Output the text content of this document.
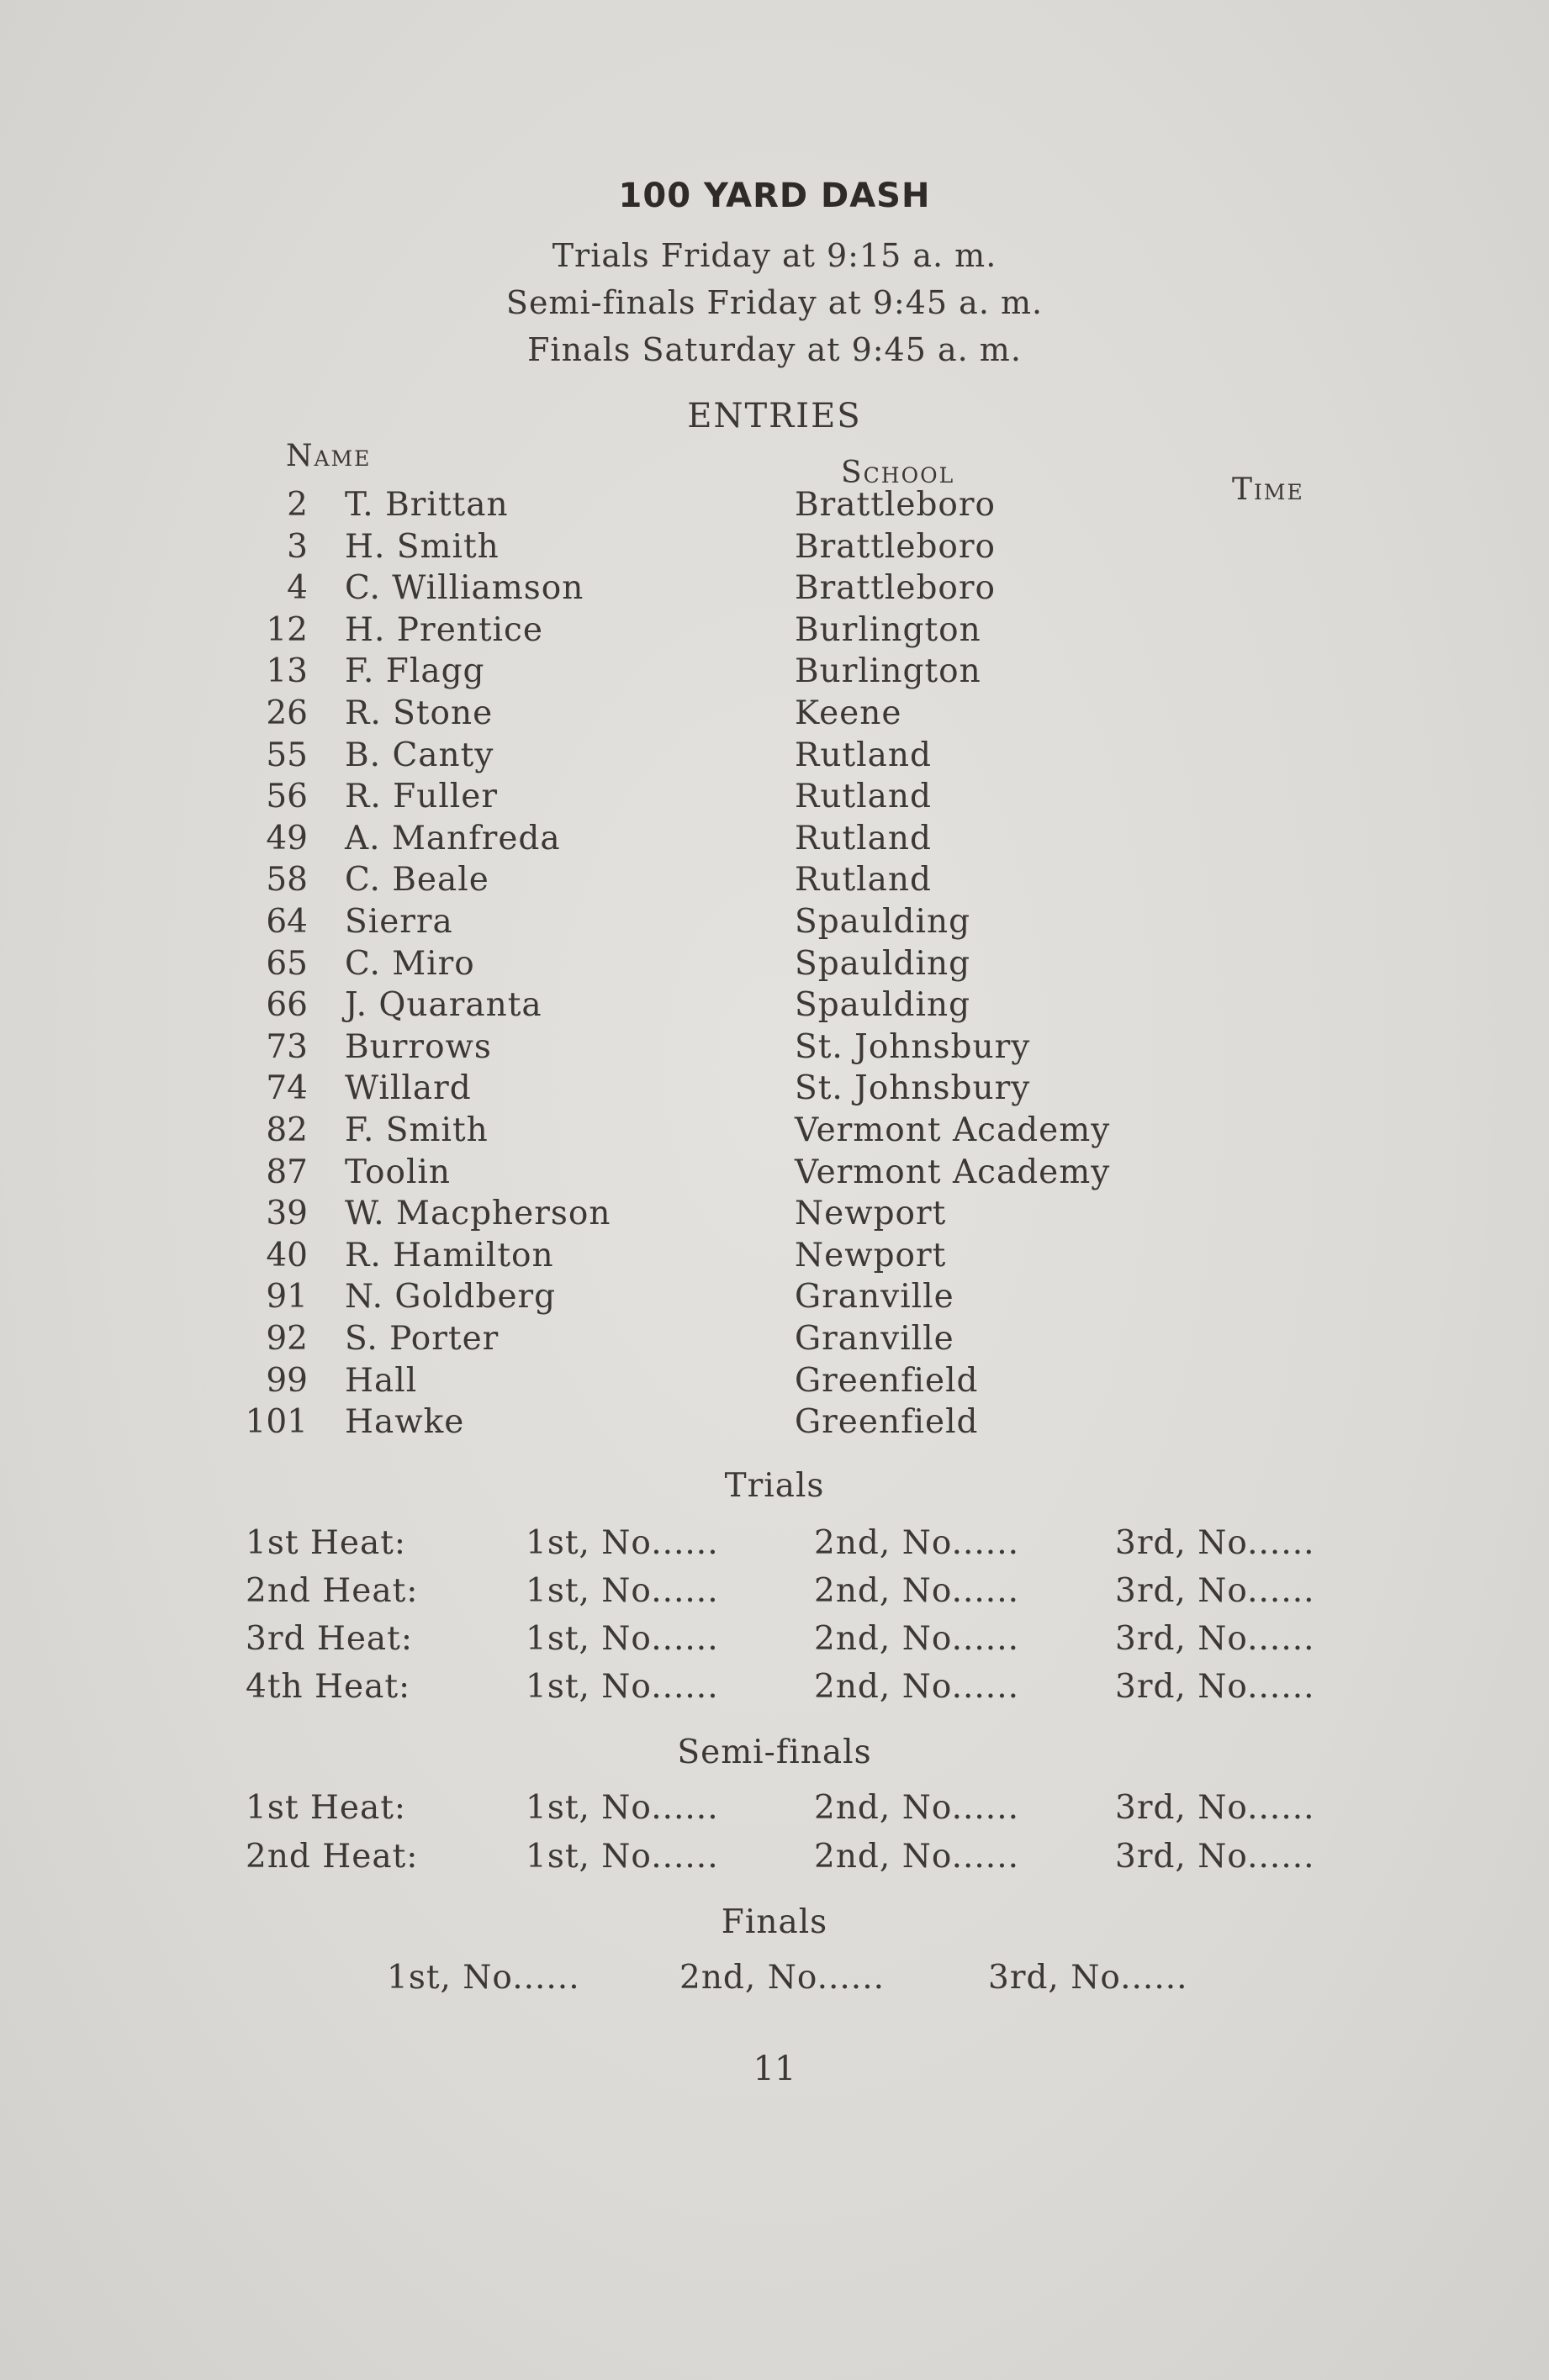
100 YARD DASH
Trials Friday at 9:15 a. m.
Semi-finals Friday at 9:45 a. m.
Finals Saturday at 9:45 a. m.
ENTRIES
Name	School	Time
2 T. Brittan	Brattleboro
3 H. Smith	Brattleboro
4 C. Williamson	Brattleboro
12 H. Prentice	Burlington
13 F. Flagg	Burlington
26 R. Stone	Keene
55 B. Canty	Rutland
56 R. Fuller	Rutland
49 A. Manfreda	Rutland
58 C. Beale	Rutland
64 Sierra	Spaulding
65 C. Miro	Spaulding
66 J. Quaranta	Spaulding
73 Burrows	St. Johnsbury
74 Willard	St. Johnsbury
82 F. Smith	Vermont Academy
87 Toolin	Vermont Academy
39 W. Macpherson	Newport
40 R. Hamilton	Newport
91 N. Goldberg	Granville
92 S. Porter	Granville
99 Hall	Greenfield
101 Hawke	Greenfield
Trials
1st Heat:	1st, No......	2nd, No......	3rd, No......
2nd Heat:	1st, No......	2nd, No......	3rd, No......
3rd Heat:	1st, No......	2nd, No......	3rd, No......
4th Heat:	1st, No......	2nd, No......	3rd, No......
Semi-finals
1st Heat:	1st, No......	2nd, No......	3rd, No......
2nd Heat:	1st, No......	2nd, No......	3rd, No......
Finals
1st, No......	2nd, No......	3rd, No......
11
